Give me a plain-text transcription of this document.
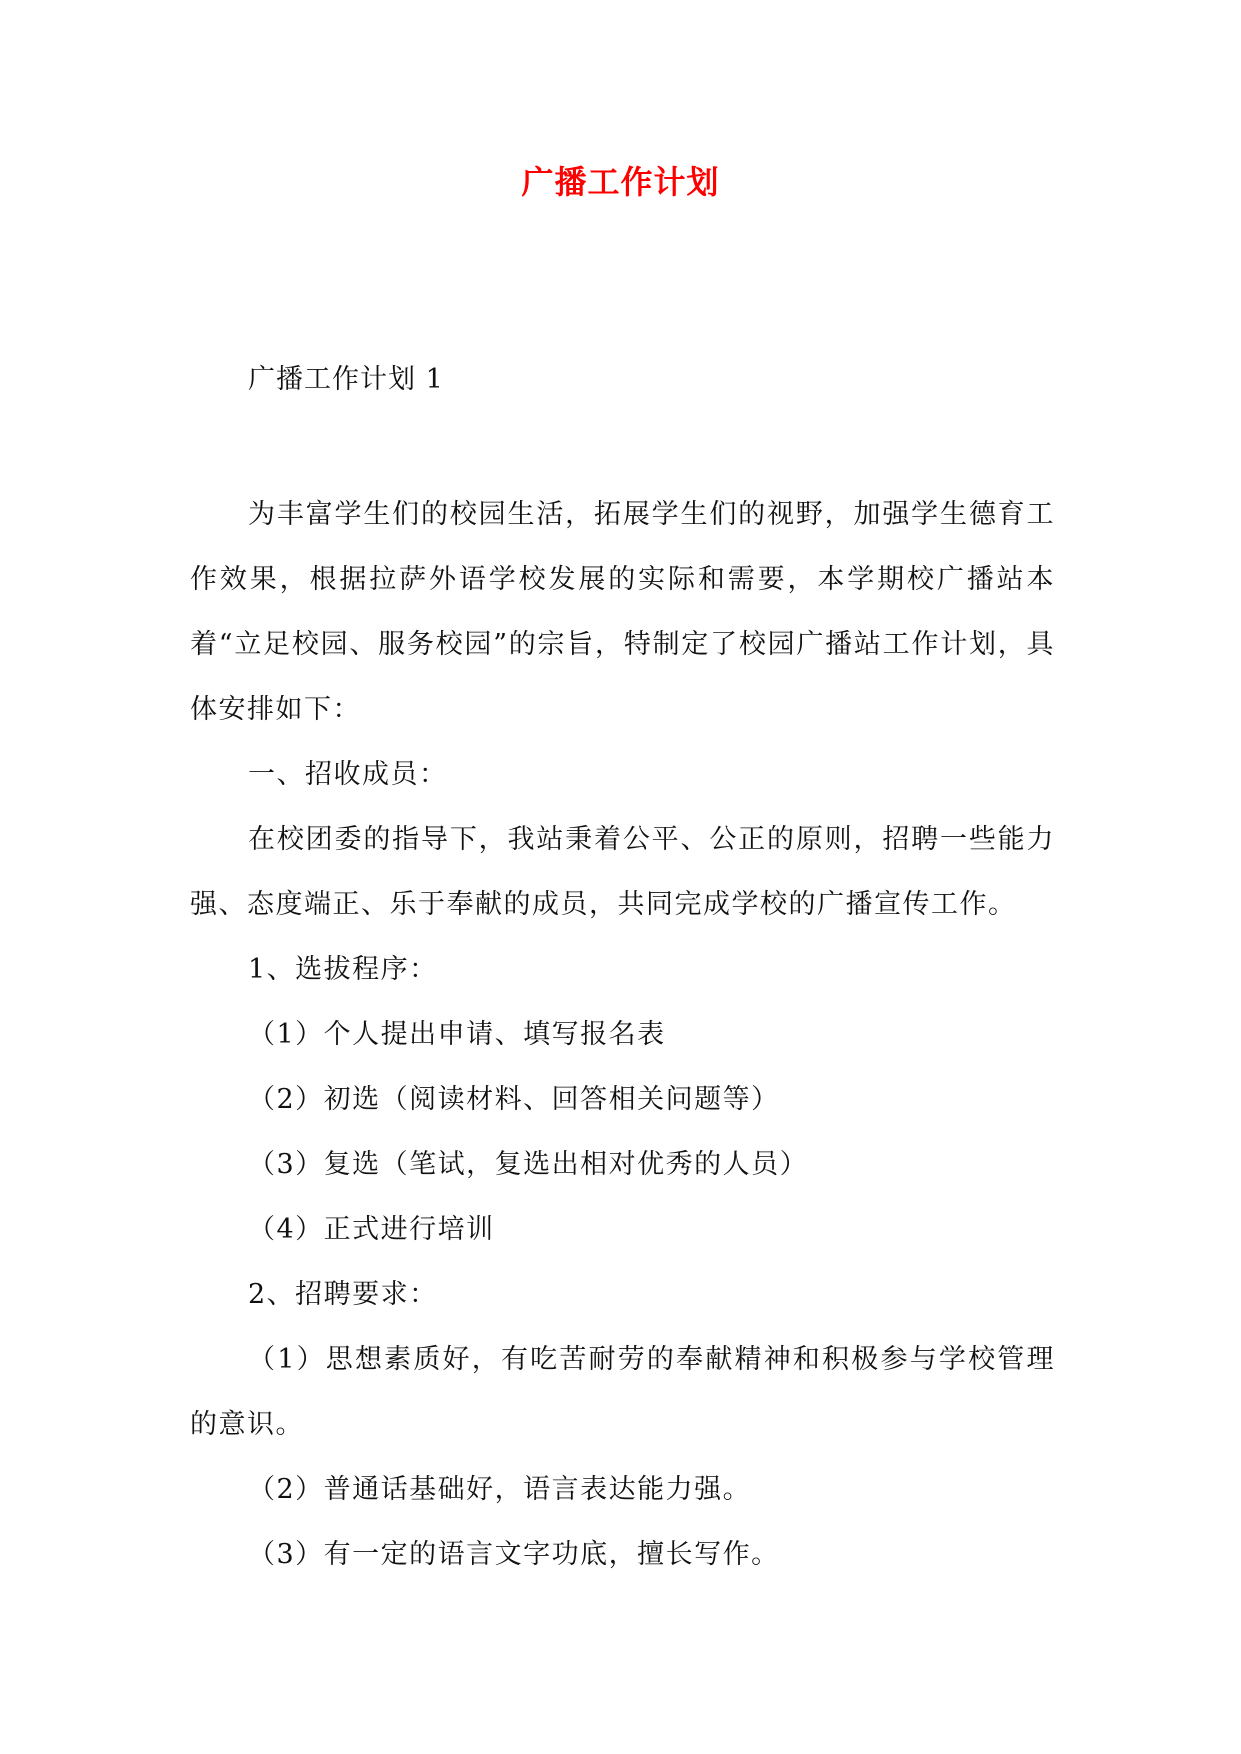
广播工作计划
广播工作计划 1

为丰富学生们的校园生活，拓展学生们的视野，加强学生德育工作效果，根据拉萨外语学校发展的实际和需要，本学期校广播站本着“立足校园、服务校园”的宗旨，特制定了校园广播站工作计划，具体安排如下：

一、招收成员：

在校团委的指导下，我站秉着公平、公正的原则，招聘一些能力强、态度端正、乐于奉献的成员，共同完成学校的广播宣传工作。

1、选拔程序：

（1）个人提出申请、填写报名表

（2）初选（阅读材料、回答相关问题等）

（3）复选（笔试，复选出相对优秀的人员）

（4）正式进行培训

2、招聘要求：

（1）思想素质好，有吃苦耐劳的奉献精神和积极参与学校管理的意识。

（2）普通话基础好，语言表达能力强。

（3）有一定的语言文字功底，擅长写作。
